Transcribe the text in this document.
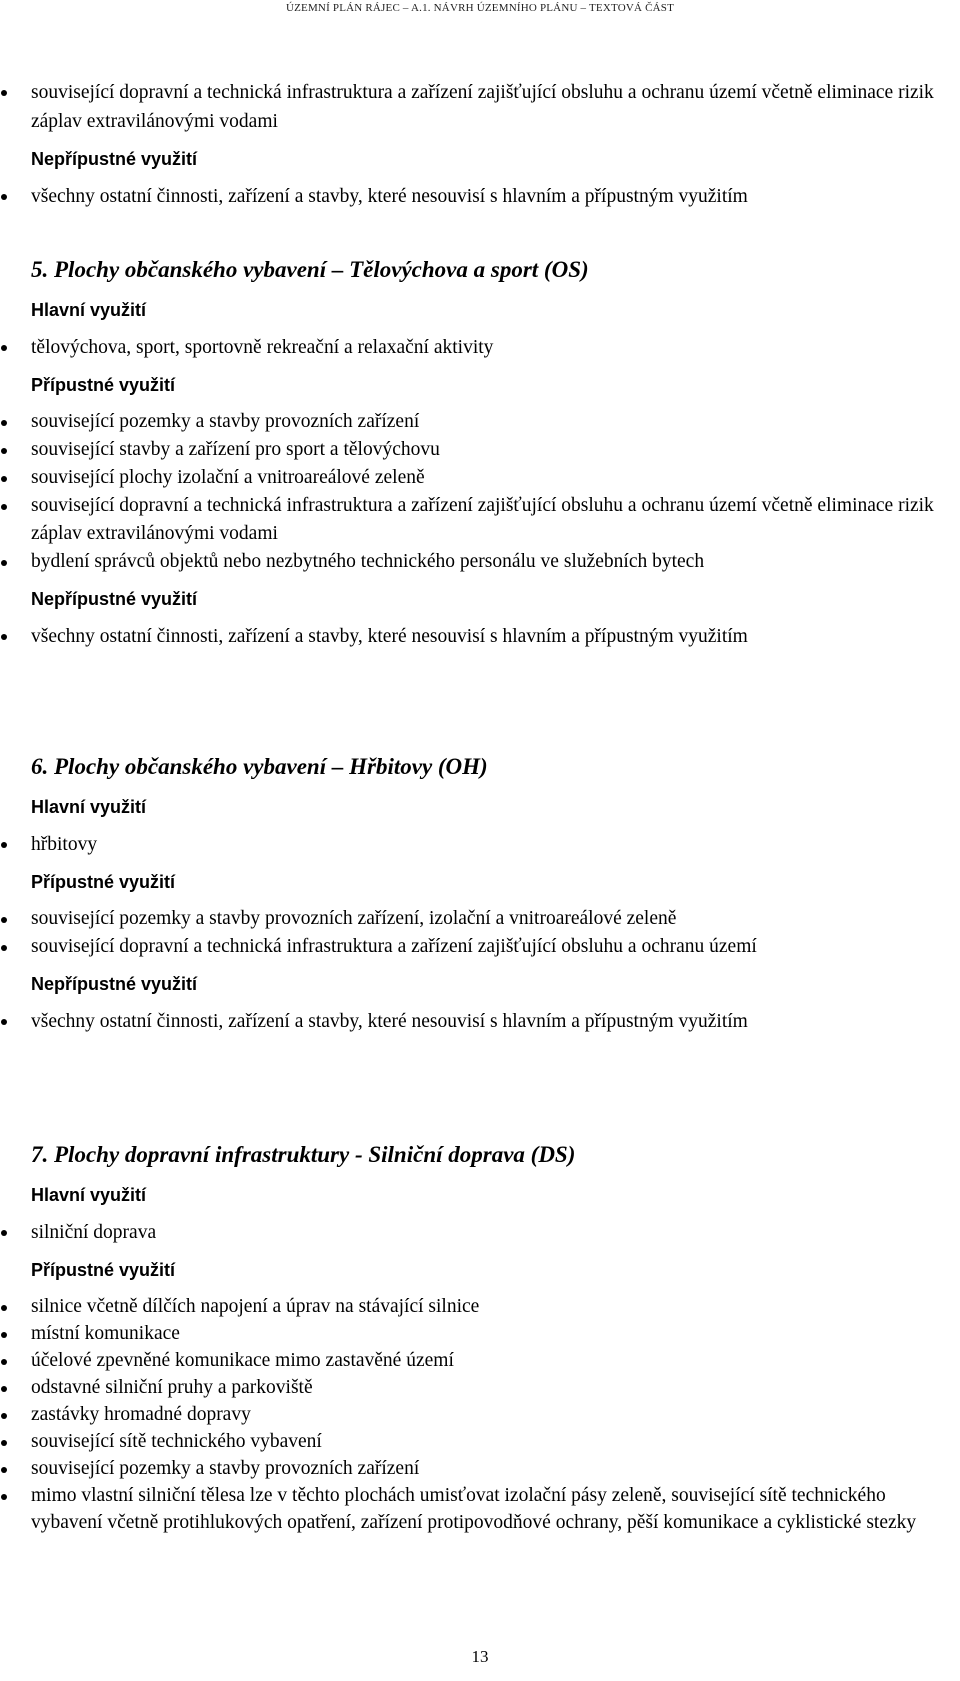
ÚZEMNÍ PLÁN RÁJEC – A.1. NÁVRH ÚZEMNÍHO PLÁNU – TEXTOVÁ ČÁST
související dopravní a technická infrastruktura a zařízení zajišťující obsluhu a ochranu území včetně eliminace rizik záplav extravilánovými vodami
Nepřípustné využití
všechny ostatní činnosti, zařízení a stavby, které nesouvisí s hlavním a přípustným využitím
5. Plochy občanského vybavení – Tělovýchova a sport (OS)
Hlavní využití
tělovýchova, sport, sportovně rekreační a relaxační aktivity
Přípustné využití
související pozemky a stavby provozních zařízení
související stavby a zařízení pro sport a tělovýchovu
související plochy izolační a vnitroareálové zeleně
související dopravní a technická infrastruktura a zařízení zajišťující obsluhu a ochranu území včetně eliminace rizik záplav extravilánovými vodami
bydlení správců objektů nebo nezbytného technického personálu ve služebních bytech
Nepřípustné využití
všechny ostatní činnosti, zařízení a stavby, které nesouvisí s hlavním a přípustným využitím
6. Plochy občanského vybavení – Hřbitovy (OH)
Hlavní využití
hřbitovy
Přípustné využití
související pozemky a stavby provozních zařízení, izolační a vnitroareálové zeleně
související dopravní a technická infrastruktura a zařízení zajišťující obsluhu a ochranu území
Nepřípustné využití
všechny ostatní činnosti, zařízení a stavby, které nesouvisí s hlavním a přípustným využitím
7. Plochy dopravní infrastruktury - Silniční doprava (DS)
Hlavní využití
silniční doprava
Přípustné využití
silnice včetně dílčích napojení a úprav na stávající silnice
místní komunikace
účelové zpevněné komunikace mimo zastavěné území
odstavné silniční pruhy a parkoviště
zastávky hromadné dopravy
související sítě technického vybavení
související pozemky a stavby provozních zařízení
mimo vlastní silniční tělesa lze v těchto plochách umisťovat izolační pásy zeleně, související sítě technického vybavení včetně protihlukových opatření, zařízení protipovodňové ochrany, pěší komunikace a cyklistické stezky
13
